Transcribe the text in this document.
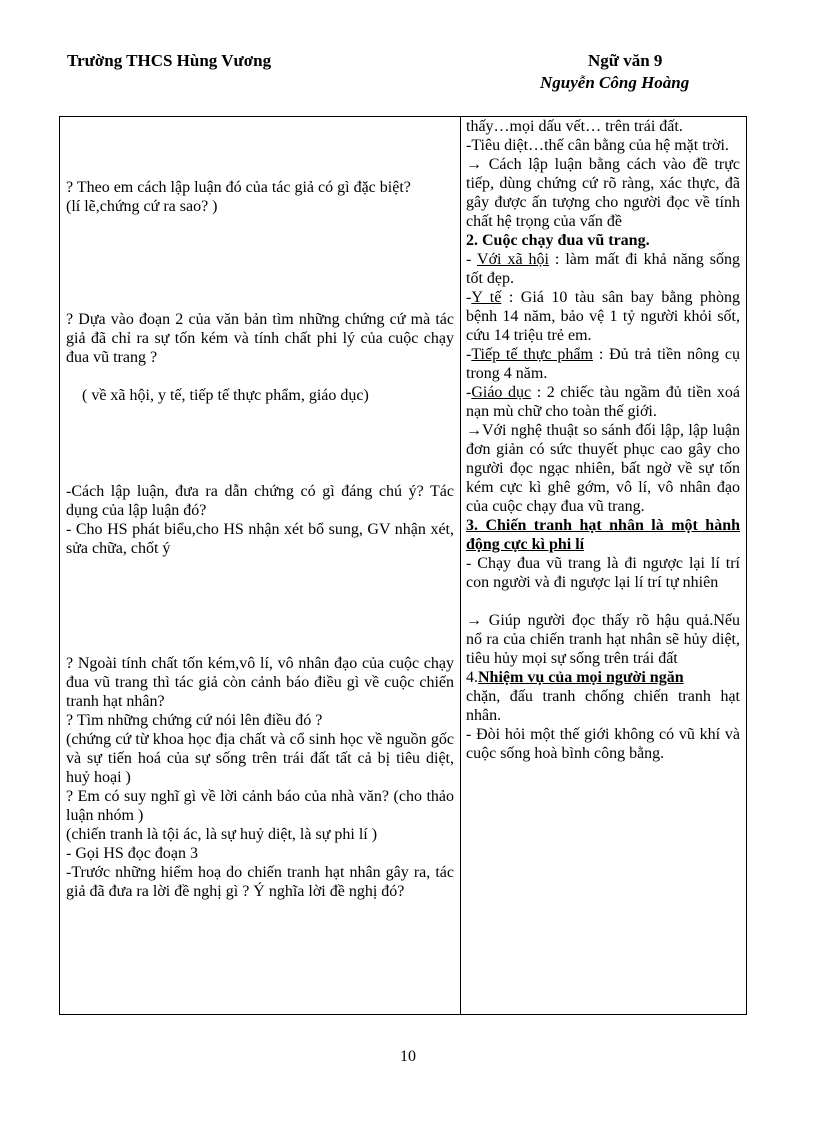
Trường THCS Hùng Vương	Ngữ văn 9
Nguyễn Công Hoàng

? Theo em cách lập luận đó của tác giả có gì đặc biệt?

(lí lẽ,chứng cứ ra sao? )

? Dựa vào đoạn 2 của văn bản tìm những chứng cứ mà tác giả đã chỉ ra sự tốn kém và tính chất phi lý của cuộc chạy đua vũ trang ?

( về xã hội, y tế, tiếp tế thực phẩm, giáo dục)

-Cách lập luận, đưa ra dẫn chứng có gì đáng chú ý? Tác dụng của lập luận đó?

- Cho HS phát biểu,cho HS nhận xét bổ sung, GV nhận xét, sửa chữa, chốt ý

? Ngoài tính chất tốn kém,vô lí, vô nhân đạo của cuộc chạy đua vũ trang thì tác giả còn cảnh báo điều gì về cuộc chiến tranh hạt nhân?

? Tìm những chứng cứ nói lên điều đó ?

(chứng cứ từ khoa học địa chất và cổ sinh học về nguồn gốc và sự tiến hoá của sự sống trên trái đất tất cả bị tiêu diệt, huỷ hoại )

? Em có suy nghĩ gì về lời cảnh báo của nhà văn? (cho thảo luận nhóm )

(chiến tranh là tội ác, là sự huỷ diệt, là sự phi lí )

- Gọi HS đọc đoạn 3

-Trước những hiểm hoạ do chiến tranh hạt nhân gây ra, tác giả đã đưa ra lời đề nghị gì ? Ý nghĩa lời đề nghị đó?

thấy…mọi dấu vết… trên trái đất.

-Tiêu diệt…thế cân bằng của hệ mặt trời.

→ Cách lập luận bằng cách vào đề trực tiếp, dùng chứng cứ rõ ràng, xác thực, đã gây được ấn tượng cho người đọc về tính chất hệ trọng của vấn đề

2. Cuộc chạy đua vũ trang.

- Với xã hội : làm mất đi khả năng sống tốt đẹp.

-Y tế : Giá 10 tàu sân bay bằng phòng bệnh 14 năm, bảo vệ 1 tỷ người khỏi sốt, cứu 14 triệu trẻ em.

-Tiếp tế thực phẩm : Đủ trả tiền nông cụ trong 4 năm.

-Giáo dục : 2 chiếc tàu ngầm đủ tiền xoá nạn mù chữ cho toàn thế giới.

→Với nghệ thuật so sánh đối lập, lập luận đơn giản có sức thuyết phục cao gây cho người đọc ngạc nhiên, bất ngờ về sự tốn kém cực kì ghê gớm, vô lí, vô nhân đạo của cuộc chạy đua vũ trang.

3. Chiến tranh hạt nhân là một hành động cực kì phi lí

- Chạy đua vũ trang là đi ngược lại lí trí con người và đi ngược lại lí trí tự nhiên

→ Giúp người đọc thấy rõ hậu quả.Nếu nổ ra của chiến tranh hạt nhân sẽ hủy diệt, tiêu hủy mọi sự sống trên trái đất

4.Nhiệm vụ của mọi người ngăn

chặn, đấu tranh chống chiến tranh hạt nhân.

- Đòi hỏi một thế giới không có vũ khí và cuộc sống hoà bình công bằng.

10
